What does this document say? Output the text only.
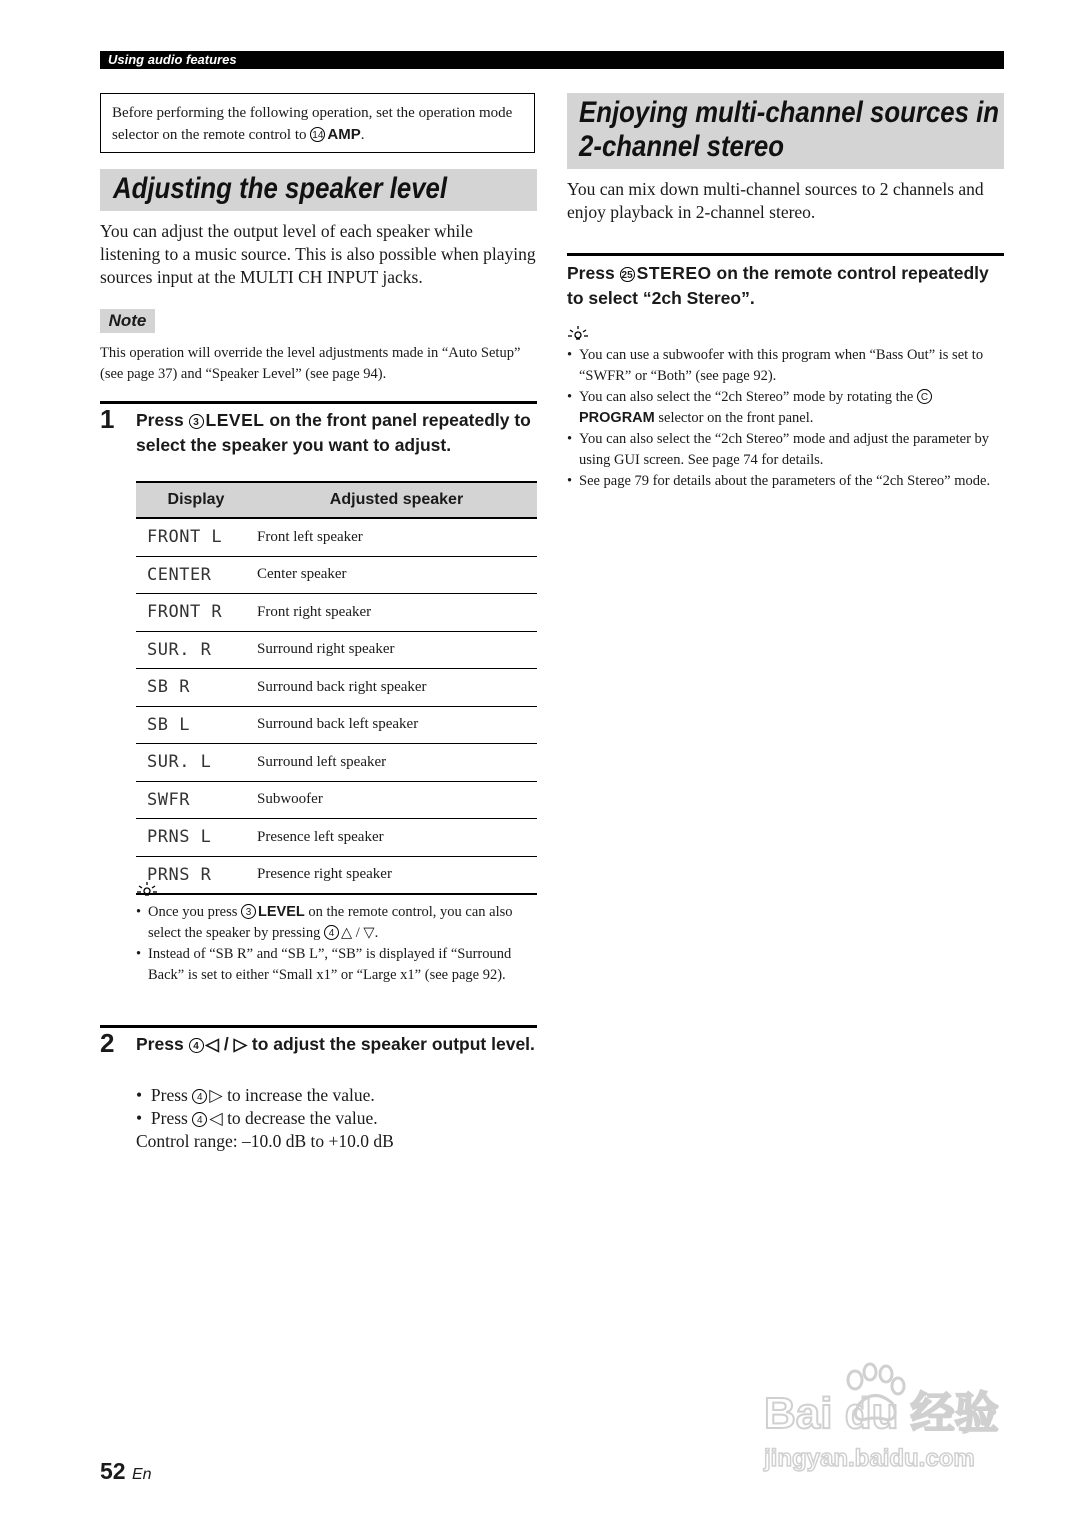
Using audio features
Before performing the following operation, set the operation mode selector on the remote control to 14 AMP.
Adjusting the speaker level
You can adjust the output level of each speaker while listening to a music source. This is also possible when playing sources input at the MULTI CH INPUT jacks.
Note
This operation will override the level adjustments made in “Auto Setup” (see page 37) and “Speaker Level” (see page 94).
1 Press 3 LEVEL on the front panel repeatedly to select the speaker you want to adjust.
Display	Adjusted speaker
FRONT L	Front left speaker
CENTER	Center speaker
FRONT R	Front right speaker
SUR. R	Surround right speaker
SB R	Surround back right speaker
SB L	Surround back left speaker
SUR. L	Surround left speaker
SWFR	Subwoofer
PRNS L	Presence left speaker
PRNS R	Presence right speaker
• Once you press 3 LEVEL on the remote control, you can also select the speaker by pressing 4 △ / ▽.
• Instead of “SB R” and “SB L”, “SB” is displayed if “Surround Back” is set to either “Small x1” or “Large x1” (see page 92).
2 Press 4 ◁ / ▷ to adjust the speaker output level.
•  Press 4 ▷ to increase the value.
•  Press 4 ◁ to decrease the value.
Control range: –10.0 dB to +10.0 dB
Enjoying multi-channel sources in
2-channel stereo
You can mix down multi-channel sources to 2 channels and enjoy playback in 2-channel stereo.
Press 25 STEREO on the remote control repeatedly to select “2ch Stereo”.
• You can use a subwoofer with this program when “Bass Out” is set to “SWFR” or “Both” (see page 92).
• You can also select the “2ch Stereo” mode by rotating the CPROGRAM selector on the front panel.
• You can also select the “2ch Stereo” mode and adjust the parameter by using GUI screen. See page 74 for details.
• See page 79 for details about the parameters of the “2ch Stereo” mode.
52 En
Bai du 经验
jingyan.baidu.com
